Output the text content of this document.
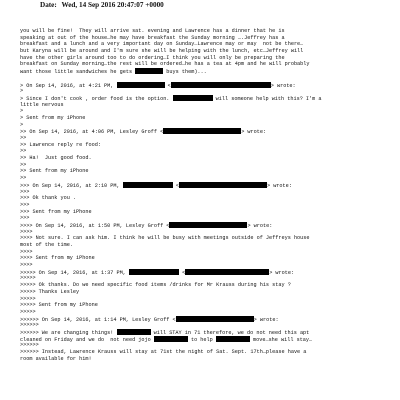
Date: Wed, 14 Sep 2016 20:47:07 +0000
you will be fine!  They will arrive sat. evening and Lawrence has a dinner that he is
speaking at out of the house…he may have breakfast the Sunday morning ….Jeffrey has a
breakfast and a lunch and a very important day on Sunday…Lawrence may or may  not be there…
but Karyna will be around and I'm sure she will be helping with the lunch, etc…Jeffrey will
have the other girls around too to do ordering…I think you will only be preparing the
breakfast on Sunday morning…the rest will be ordered…he has a tea at 4pm and he will probably
want those little sandwiches he gets	buys them)...
> On Sep 14, 2016, at 4:21 PM,	<	> wrote:
>
> Since I don't cook , order food is the option.	will someone help with this? I'm a
little nervous
>
> Sent from my iPhone
>
>> On Sep 14, 2016, at 4:06 PM, Lesley Groff <	> wrote:
>>
>> Lawrence reply re food:
>>
>> Ha!  Just good food.
>>
>> Sent from my iPhone
>>
>>> On Sep 14, 2016, at 2:10 PM,	<	> wrote:
>>>
>>> Ok thank you .
>>>
>>> Sent from my iPhone
>>>
>>>> On Sep 14, 2016, at 1:50 PM, Lesley Groff <	> wrote:
>>>>
>>>> Not sure. I can ask him. I think he will be busy with meetings outside of Jeffreys house
most of the time.
>>>>
>>>> Sent from my iPhone
>>>>
>>>>> On Sep 14, 2016, at 1:37 PM,	<	> wrote:
>>>>>
>>>>> Ok thanks. Do we need specific food items /drinks for Mr Krauss during his stay ?
>>>>> Thanks Lesley
>>>>>
>>>>> Sent from my iPhone
>>>>>
>>>>>> On Sep 14, 2016, at 1:14 PM, Lesley Groff <	> wrote:
>>>>>>
>>>>>> We are changing things!	will STAY in 71 therefore, we do not need this apt
cleaned on Friday and we do  not need jojo	to help	move…she will stay…
>>>>>>
>>>>>> Instead, Lawrence Krauss will stay at 71st the night of Sat. Sept. 17th…please have a
room available for him!
